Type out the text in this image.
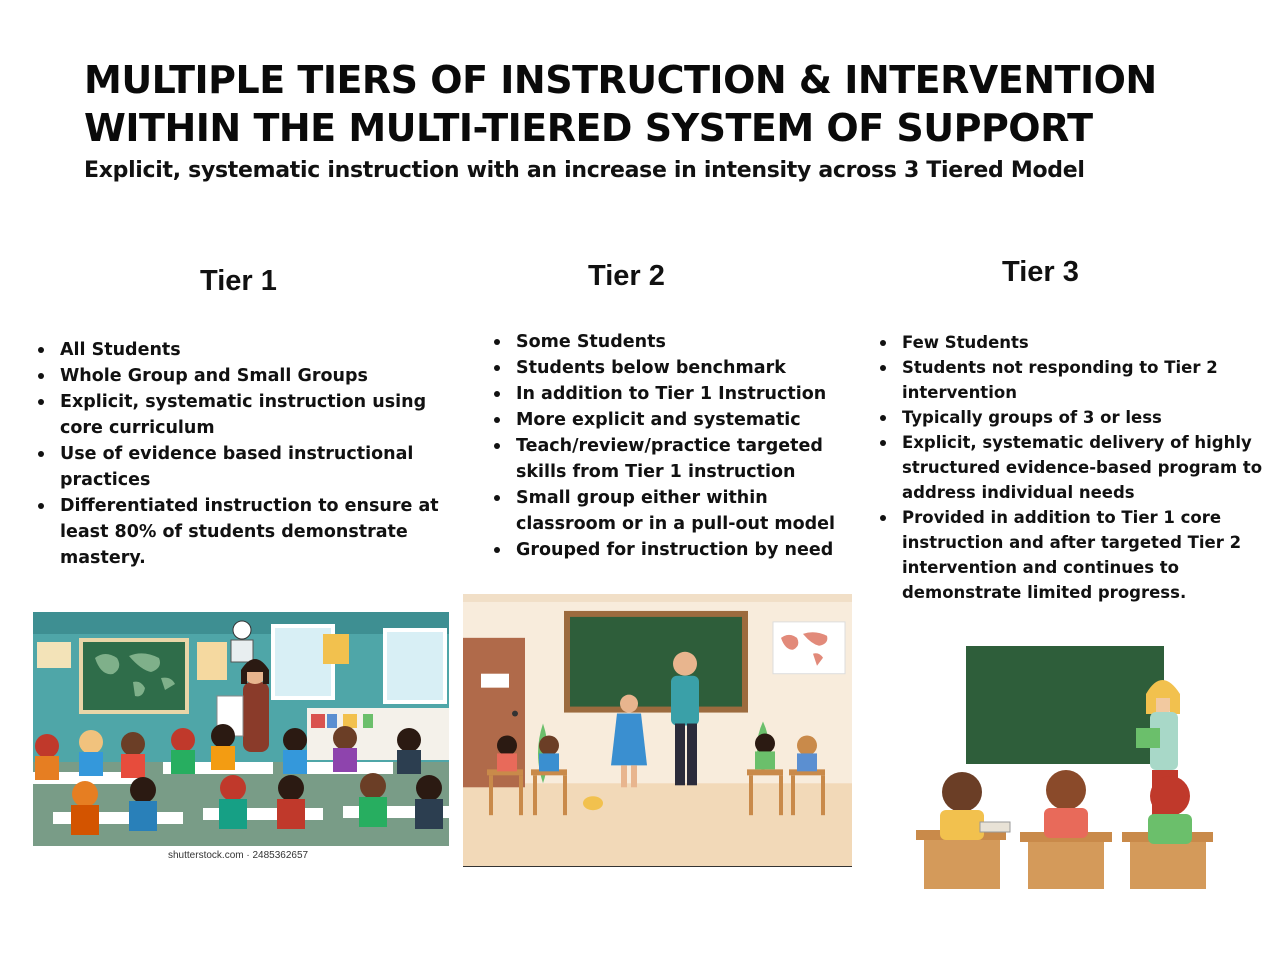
MULTIPLE TIERS OF INSTRUCTION & INTERVENTION
WITHIN THE MULTI-TIERED SYSTEM OF SUPPORT
Explicit, systematic instruction with an increase in intensity across 3 Tiered Model
Tier 1	Tier 2	Tier 3
All Students
Whole Group and Small Groups
Explicit, systematic instruction using core curriculum
Use of evidence based instructional practices
Differentiated instruction to ensure at least 80% of students demonstrate mastery.
Some Students
Students below benchmark
In addition to Tier 1 Instruction
More explicit and systematic
Teach/review/practice targeted skills from Tier 1 instruction
Small group either within classroom or in a pull-out model
Grouped for instruction by need
Few Students
Students not responding to Tier 2 intervention
Typically groups of 3 or less
Explicit, systematic delivery of highly structured evidence-based program to address individual needs
Provided in addition to Tier 1 core instruction and after targeted Tier 2 intervention and continues to demonstrate limited progress.
shutterstock.com · 2485362657
